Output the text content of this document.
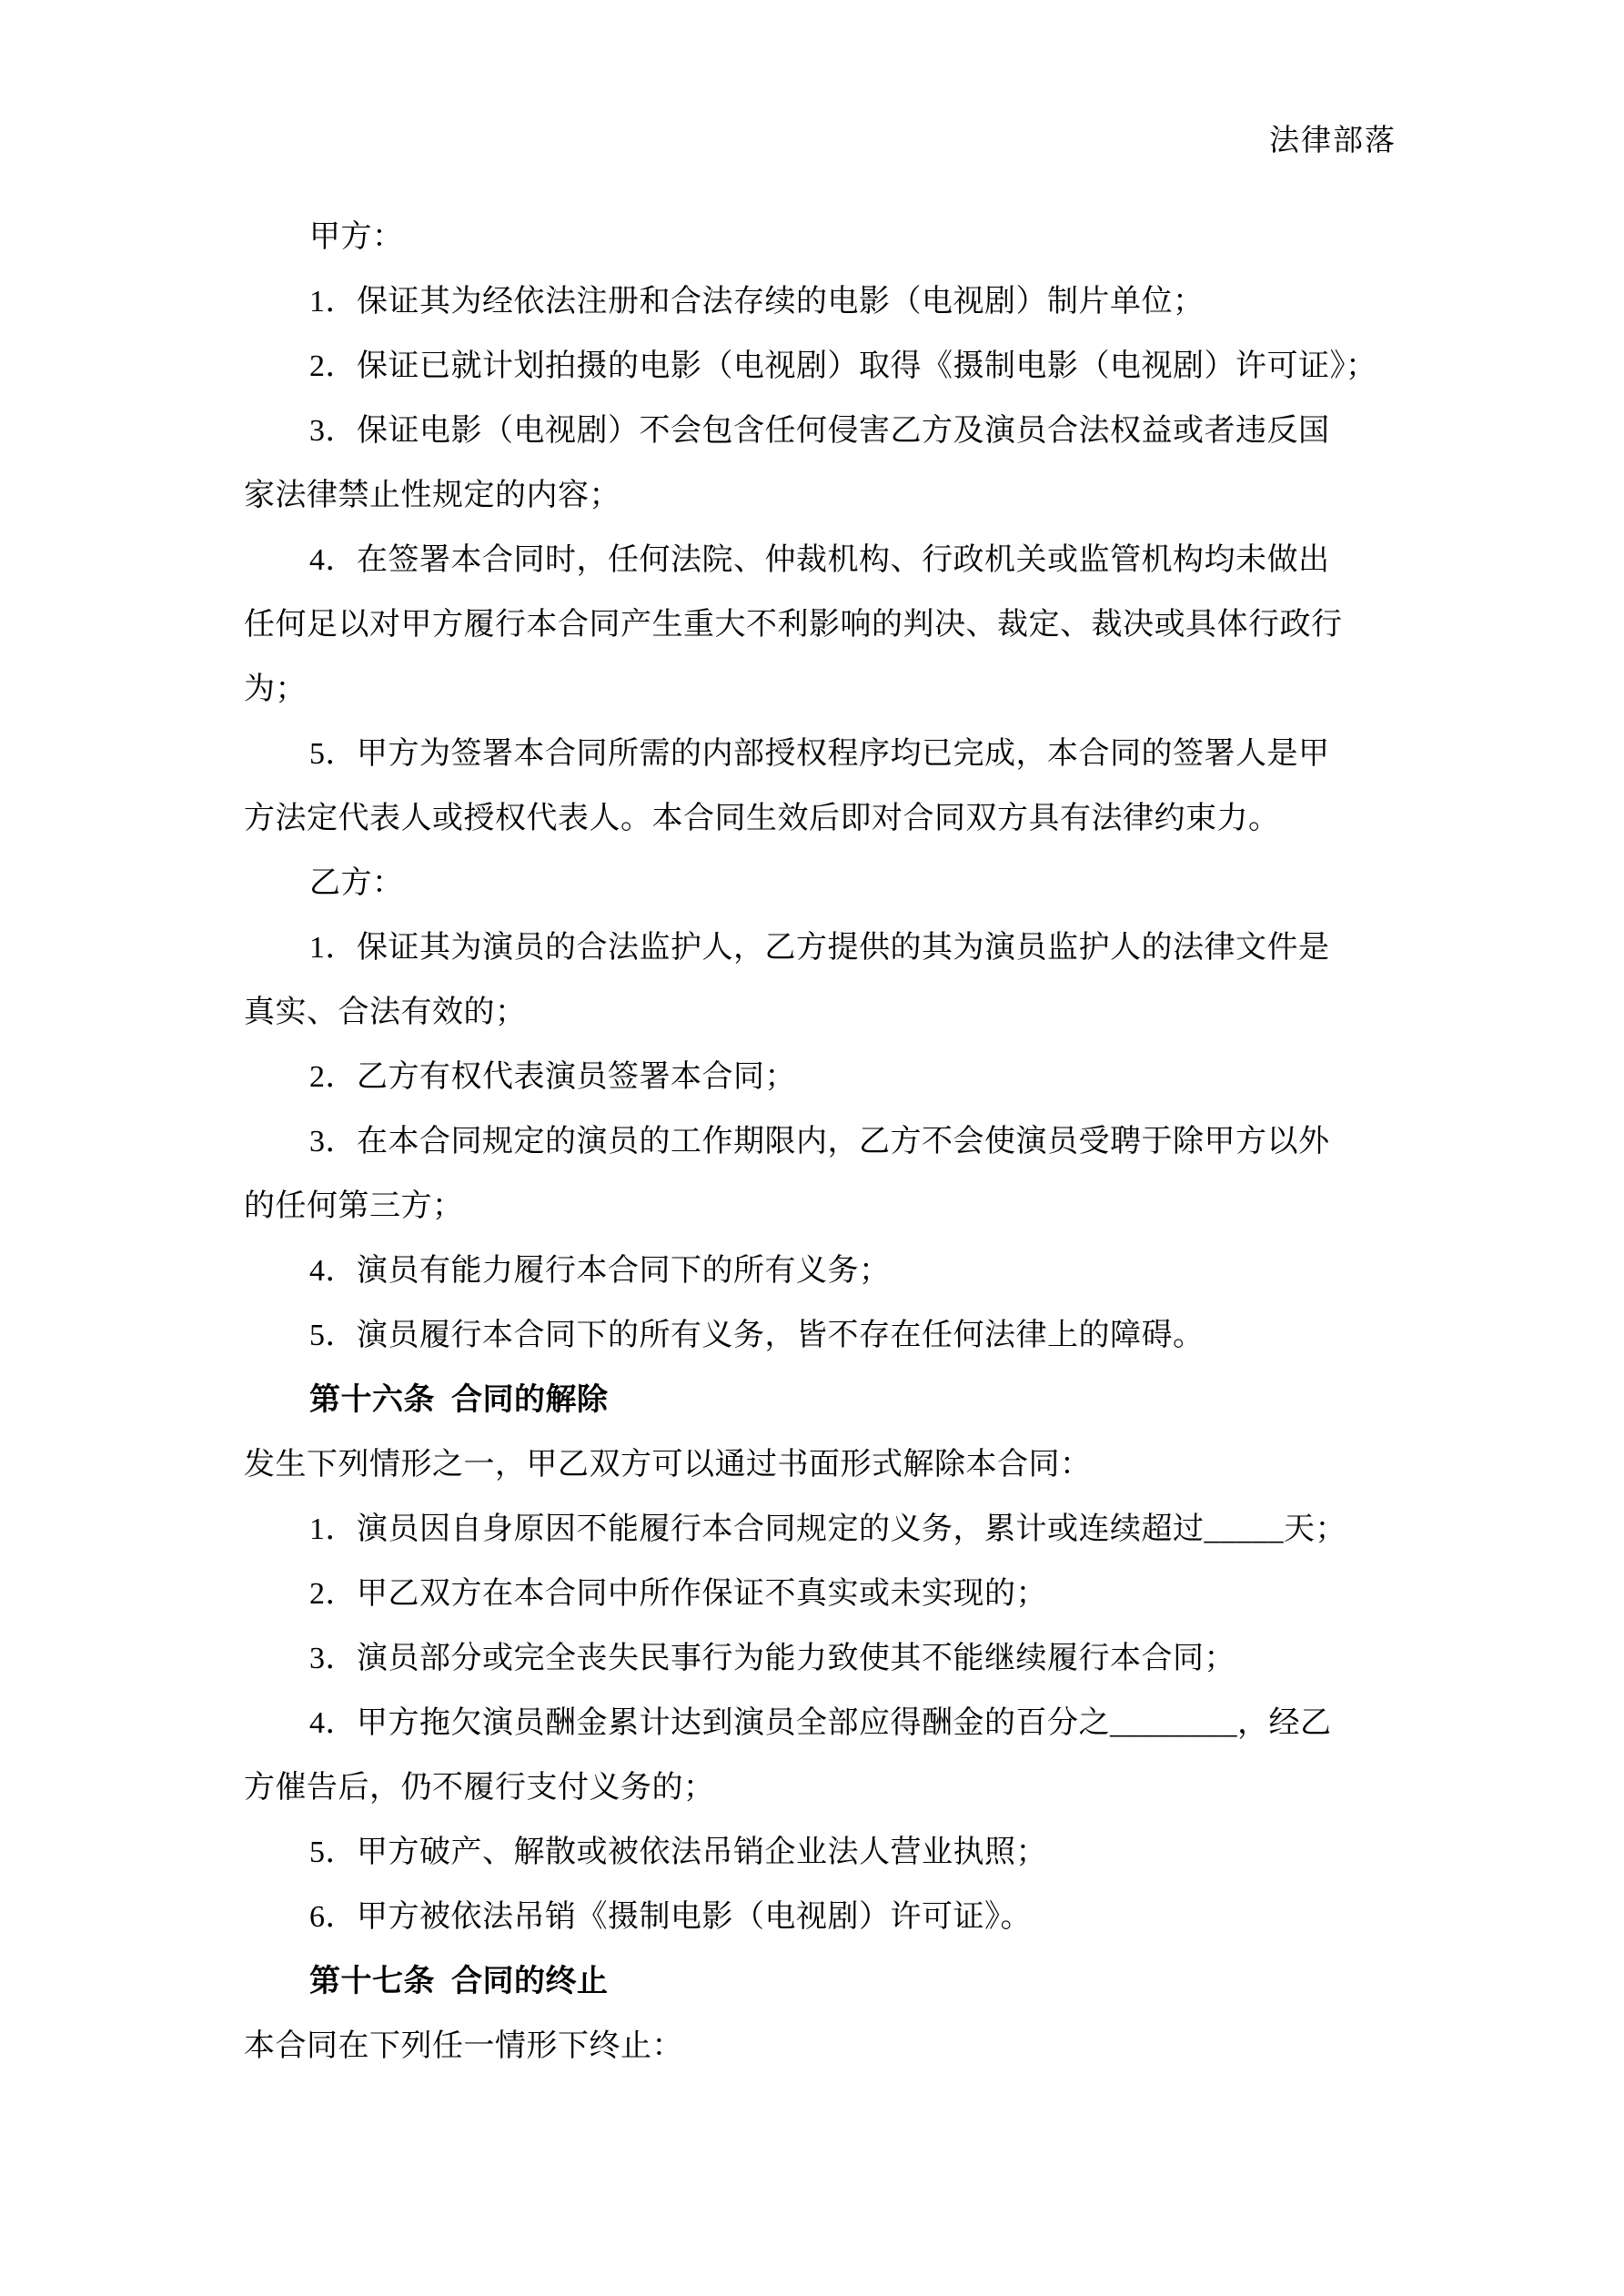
法律部落
甲方：
1．保证其为经依法注册和合法存续的电影（电视剧）制片单位；
2．保证已就计划拍摄的电影（电视剧）取得《摄制电影（电视剧）许可证》；
3．保证电影（电视剧）不会包含任何侵害乙方及演员合法权益或者违反国
家法律禁止性规定的内容；
4．在签署本合同时，任何法院、仲裁机构、行政机关或监管机构均未做出
任何足以对甲方履行本合同产生重大不利影响的判决、裁定、裁决或具体行政行
为；
5．甲方为签署本合同所需的内部授权程序均已完成，本合同的签署人是甲
方法定代表人或授权代表人。本合同生效后即对合同双方具有法律约束力。
乙方：
1．保证其为演员的合法监护人，乙方提供的其为演员监护人的法律文件是
真实、合法有效的；
2．乙方有权代表演员签署本合同；
3．在本合同规定的演员的工作期限内，乙方不会使演员受聘于除甲方以外
的任何第三方；
4．演员有能力履行本合同下的所有义务；
5．演员履行本合同下的所有义务，皆不存在任何法律上的障碍。
第十六条  合同的解除
发生下列情形之一，甲乙双方可以通过书面形式解除本合同：
1．演员因自身原因不能履行本合同规定的义务，累计或连续超过_____天；
2．甲乙双方在本合同中所作保证不真实或未实现的；
3．演员部分或完全丧失民事行为能力致使其不能继续履行本合同；
4．甲方拖欠演员酬金累计达到演员全部应得酬金的百分之________，经乙
方催告后，仍不履行支付义务的；
5．甲方破产、解散或被依法吊销企业法人营业执照；
6．甲方被依法吊销《摄制电影（电视剧）许可证》。
第十七条  合同的终止
本合同在下列任一情形下终止：
